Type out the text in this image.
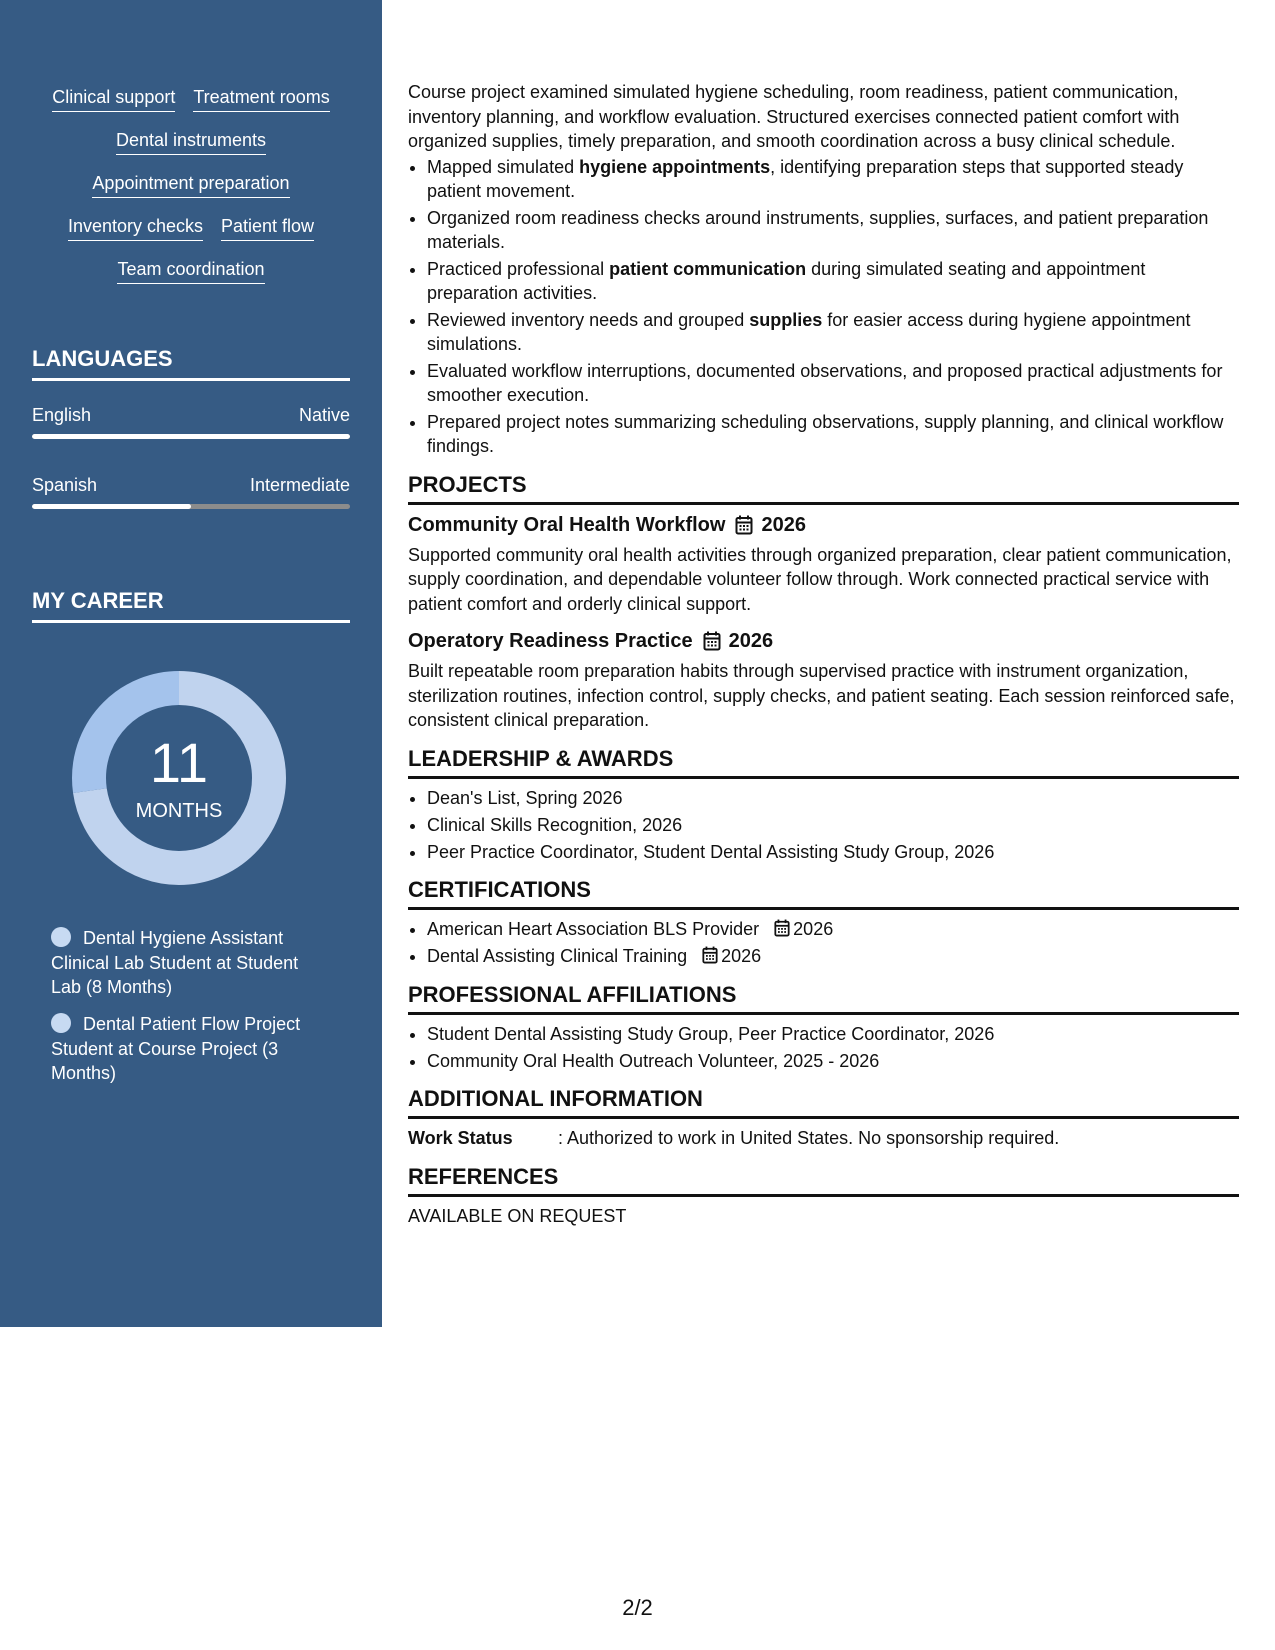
Clinical support Treatment rooms
Dental instruments
Appointment preparation
Inventory checks Patient flow
Team coordination
LANGUAGES
English	Native
Spanish	Intermediate
MY CAREER
11
MONTHS
Dental Hygiene Assistant Clinical Lab Student at Student Lab (8 Months)
Dental Patient Flow Project Student at Course Project (3 Months)

Course project examined simulated hygiene scheduling, room readiness, patient communication, inventory planning, and workflow evaluation. Structured exercises connected patient comfort with organized supplies, timely preparation, and smooth coordination across a busy clinical schedule.

• Mapped simulated hygiene appointments, identifying preparation steps that supported steady patient movement.
• Organized room readiness checks around instruments, supplies, surfaces, and patient preparation materials.
• Practiced professional patient communication during simulated seating and appointment preparation activities.
• Reviewed inventory needs and grouped supplies for easier access during hygiene appointment simulations.
• Evaluated workflow interruptions, documented observations, and proposed practical adjustments for smoother execution.
• Prepared project notes summarizing scheduling observations, supply planning, and clinical workflow findings.
PROJECTS
Community Oral Health Workflow 2026

Supported community oral health activities through organized preparation, clear patient communication, supply coordination, and dependable volunteer follow through. Work connected practical service with patient comfort and orderly clinical support.

Operatory Readiness Practice 2026

Built repeatable room preparation habits through supervised practice with instrument organization, sterilization routines, infection control, supply checks, and patient seating. Each session reinforced safe, consistent clinical preparation.

LEADERSHIP & AWARDS
• Dean's List, Spring 2026
• Clinical Skills Recognition, 2026
• Peer Practice Coordinator, Student Dental Assisting Study Group, 2026
CERTIFICATIONS
• American Heart Association BLS Provider 2026
• Dental Assisting Clinical Training 2026
PROFESSIONAL AFFILIATIONS
• Student Dental Assisting Study Group, Peer Practice Coordinator, 2026
• Community Oral Health Outreach Volunteer, 2025 - 2026
ADDITIONAL INFORMATION
Work Status	: Authorized to work in United States. No sponsorship required.
REFERENCES

AVAILABLE ON REQUEST

2/2
